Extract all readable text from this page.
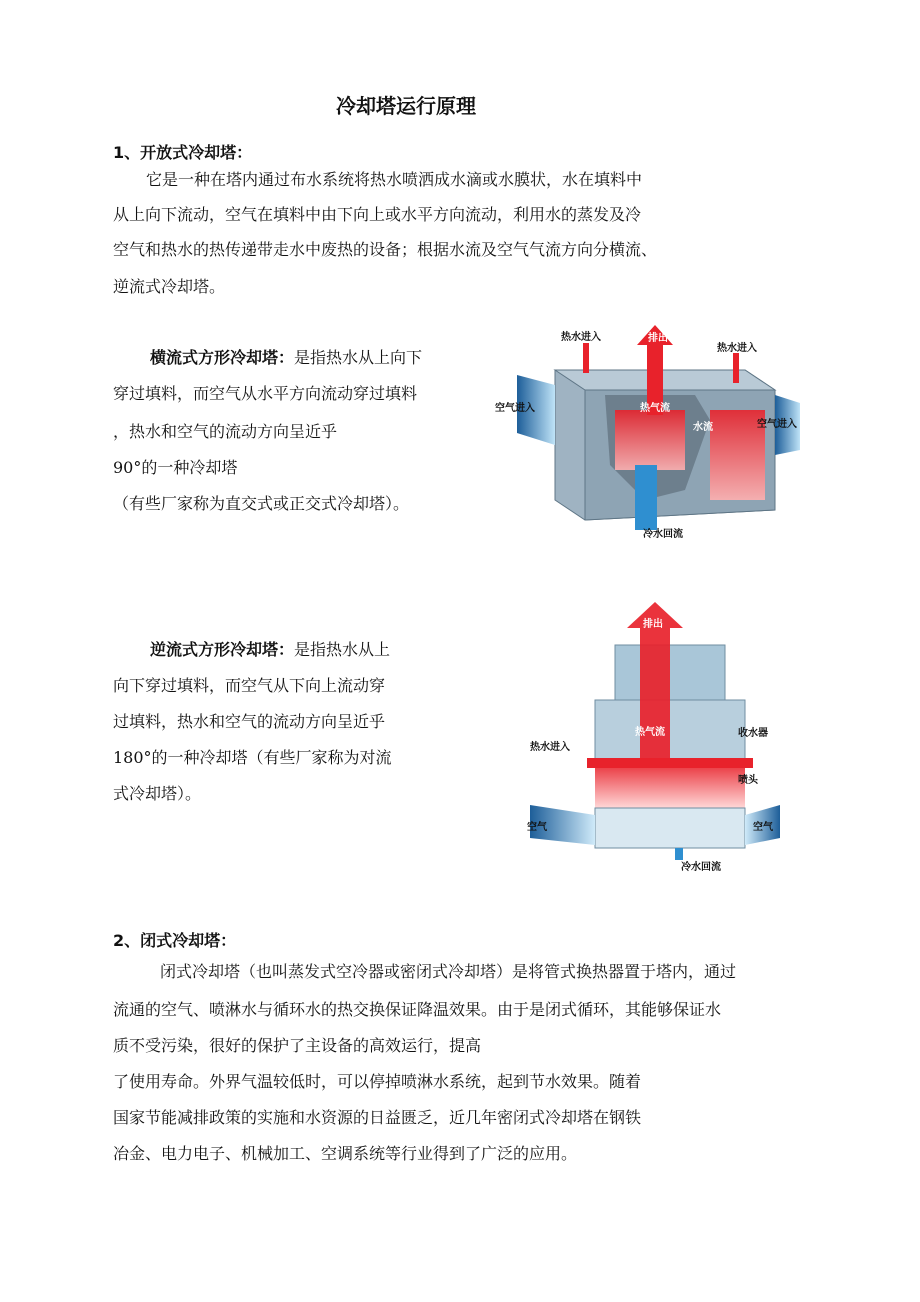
冷却塔运行原理
1、开放式冷却塔：
它是一种在塔内通过布水系统将热水喷洒成水滴或水膜状，水在填料中
从上向下流动，空气在填料中由下向上或水平方向流动，利用水的蒸发及冷
空气和热水的热传递带走水中废热的设备；根据水流及空气气流方向分横流、
逆流式冷却塔。
横流式方形冷却塔：是指热水从上向下
穿过填料，而空气从水平方向流动穿过填料
，热水和空气的流动方向呈近乎
90°的一种冷却塔
（有些厂家称为直交式或正交式冷却塔）。
热水进入	排出
热水进入
空气进入	热气流
水流	空气进入
冷水回流
逆流式方形冷却塔：是指热水从上
向下穿过填料，而空气从下向上流动穿
过填料，热水和空气的流动方向呈近乎
180°的一种冷却塔（有些厂家称为对流
式冷却塔）。
排出
热气流	收水器
热水进入
喷头
空气	空气
冷水回流
2、闭式冷却塔：
闭式冷却塔（也叫蒸发式空冷器或密闭式冷却塔）是将管式换热器置于塔内，通过
流通的空气、喷淋水与循环水的热交换保证降温效果。由于是闭式循环，其能够保证水
质不受污染，很好的保护了主设备的高效运行，提高
了使用寿命。外界气温较低时，可以停掉喷淋水系统，起到节水效果。随着
国家节能减排政策的实施和水资源的日益匮乏，近几年密闭式冷却塔在钢铁
冶金、电力电子、机械加工、空调系统等行业得到了广泛的应用。
